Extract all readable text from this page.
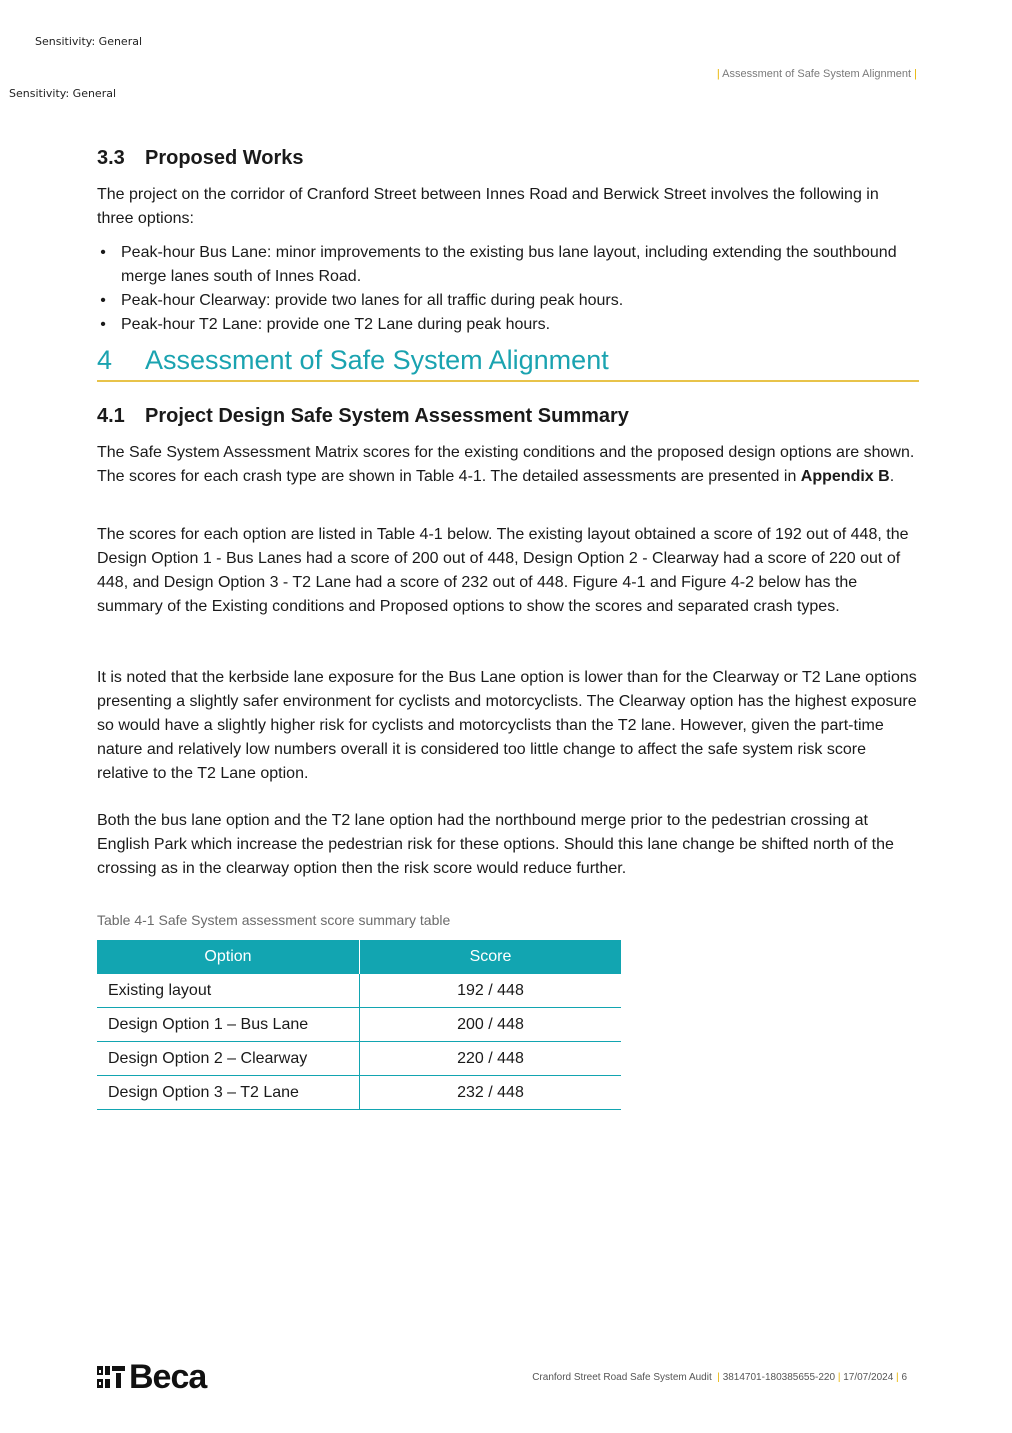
Sensitivity: General
Sensitivity: General
| Assessment of Safe System Alignment |
3.3 Proposed Works

The project on the corridor of Cranford Street between Innes Road and Berwick Street involves the following in three options:

• Peak-hour Bus Lane: minor improvements to the existing bus lane layout, including extending the southbound merge lanes south of Innes Road.
• Peak-hour Clearway: provide two lanes for all traffic during peak hours.
• Peak-hour T2 Lane: provide one T2 Lane during peak hours.
4 Assessment of Safe System Alignment
4.1 Project Design Safe System Assessment Summary

The Safe System Assessment Matrix scores for the existing conditions and the proposed design options are shown. The scores for each crash type are shown in Table 4-1. The detailed assessments are presented in Appendix B.

The scores for each option are listed in Table 4-1 below. The existing layout obtained a score of 192 out of 448, the Design Option 1 - Bus Lanes had a score of 200 out of 448, Design Option 2 - Clearway had a score of 220 out of 448, and Design Option 3 - T2 Lane had a score of 232 out of 448. Figure 4-1 and Figure 4-2 below has the summary of the Existing conditions and Proposed options to show the scores and separated crash types.

It is noted that the kerbside lane exposure for the Bus Lane option is lower than for the Clearway or T2 Lane options presenting a slightly safer environment for cyclists and motorcyclists. The Clearway option has the highest exposure so would have a slightly higher risk for cyclists and motorcyclists than the T2 lane. However, given the part-time nature and relatively low numbers overall it is considered too little change to affect the safe system risk score relative to the T2 Lane option.

Both the bus lane option and the T2 lane option had the northbound merge prior to the pedestrian crossing at English Park which increase the pedestrian risk for these options. Should this lane change be shifted north of the crossing as in the clearway option then the risk score would reduce further.

Table 4-1 Safe System assessment score summary table
Option	Score
Existing layout	192 / 448
Design Option 1 – Bus Lane	200 / 448
Design Option 2 – Clearway	220 / 448
Design Option 3 – T2 Lane	232 / 448
Beca	Cranford Street Road Safe System Audit  | 3814701-180385655-220 | 17/07/2024 | 6
